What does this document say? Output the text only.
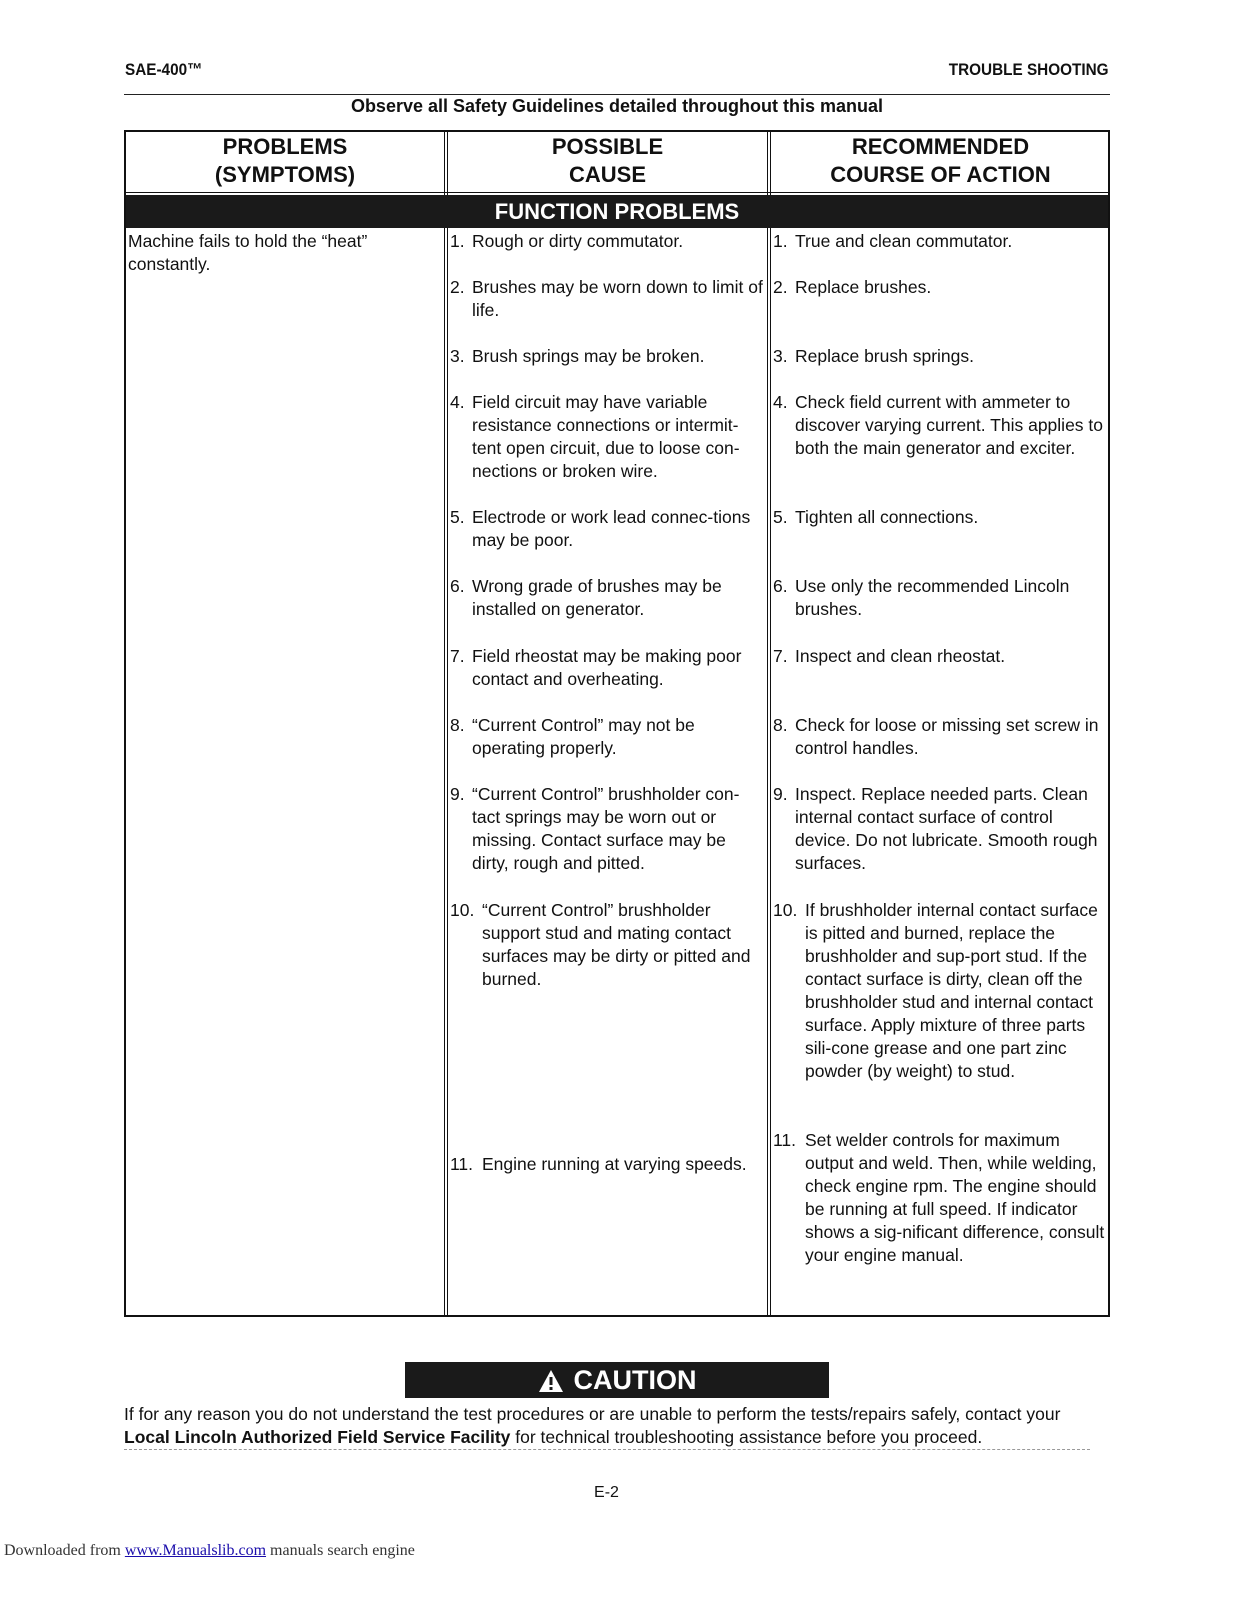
SAE-400™	TROUBLE SHOOTING
Observe all Safety Guidelines detailed throughout this manual
PROBLEMS
(SYMPTOMS)
POSSIBLE
CAUSE
RECOMMENDED
COURSE OF ACTION
FUNCTION PROBLEMS
Machine fails to hold the “heat” constantly.
1. Rough or dirty commutator.
2. Brushes may be worn down to limit of life.
3. Brush springs may be broken.
4. Field circuit may have variable resistance connections or intermit-tent open circuit, due to loose con-nections or broken wire.
5. Electrode or work lead connec-tions may be poor.
6. Wrong grade of brushes may be installed on generator.
7. Field rheostat may be making poor contact and overheating.
8. “Current Control” may not be operating properly.
9. “Current Control” brushholder con-tact springs may be worn out or missing. Contact surface may be dirty, rough and pitted.
10. “Current Control” brushholder support stud and mating contact surfaces may be dirty or pitted and burned.
11. Engine running at varying speeds.
1. True and clean commutator.
2. Replace brushes.
3. Replace brush springs.
4. Check field current with ammeter to discover varying current. This applies to both the main generator and exciter.
5. Tighten all connections.
6. Use only the recommended Lincoln brushes.
7. Inspect and clean rheostat.
8. Check for loose or missing set screw in control handles.
9. Inspect. Replace needed parts. Clean internal contact surface of control device. Do not lubricate. Smooth rough surfaces.
10. If brushholder internal contact surface is pitted and burned, replace the brushholder and sup-port stud. If the contact surface is dirty, clean off the brushholder stud and internal contact surface. Apply mixture of three parts sili-cone grease and one part zinc powder (by weight) to stud.
11. Set welder controls for maximum output and weld. Then, while welding, check engine rpm. The engine should be running at full speed. If indicator shows a sig-nificant difference, consult your engine manual.
CAUTION
If for any reason you do not understand the test procedures or are unable to perform the tests/repairs safely, contact your
Local Lincoln Authorized Field Service Facility for technical troubleshooting assistance before you proceed.
E-2
Downloaded from www.Manualslib.com manuals search engine
